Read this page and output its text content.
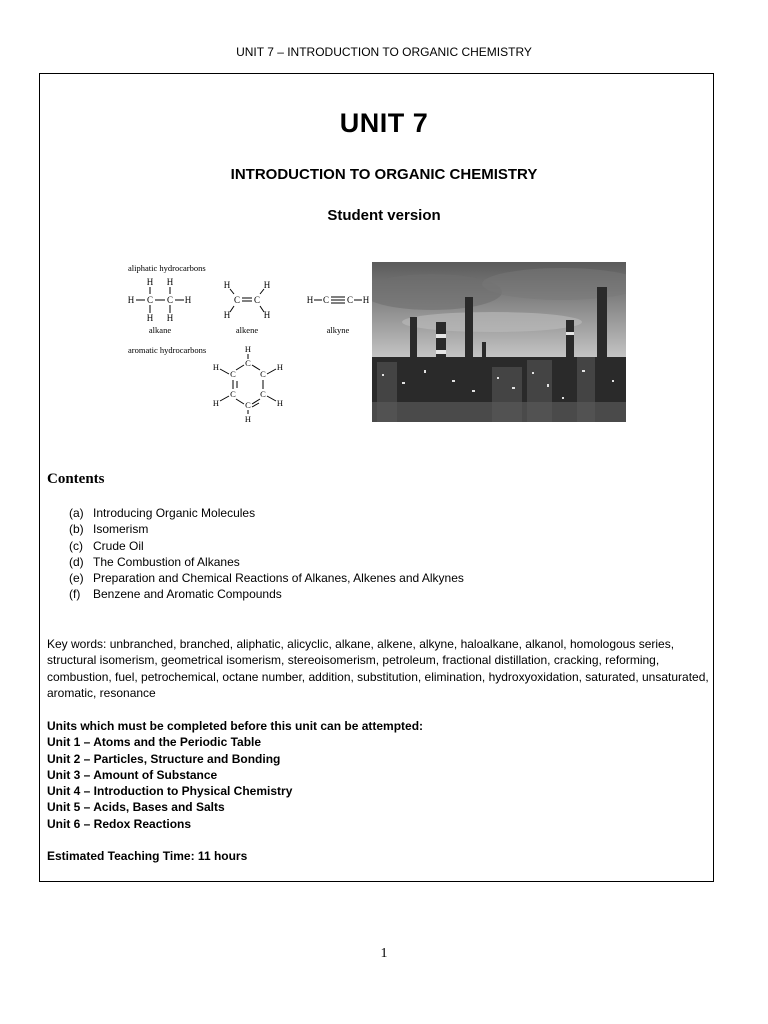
UNIT 7 – INTRODUCTION TO ORGANIC CHEMISTRY
UNIT 7
INTRODUCTION TO ORGANIC CHEMISTRY
Student version
aliphatic hydrocarbons
H H
H C C H
H H
alkane
H	H
C C
H	H
alkene
H C C H
alkyne
aromatic hydrocarbons	H
H	H
H	H
H
C
C	C
C	C
C
Contents
(a) Introducing Organic Molecules
(b) Isomerism
(c) Crude Oil
(d) The Combustion of Alkanes
(e) Preparation and Chemical Reactions of Alkanes, Alkenes and Alkynes
(f) Benzene and Aromatic Compounds
Key words: unbranched, branched, aliphatic, alicyclic, alkane, alkene, alkyne, haloalkane, alkanol, homologous series, structural isomerism, geometrical isomerism, stereoisomerism, petroleum, fractional distillation, cracking, reforming, combustion, fuel, petrochemical, octane number, addition, substitution, elimination, hydroxyoxidation, saturated, unsaturated, aromatic, resonance
Units which must be completed before this unit can be attempted:
Unit 1 – Atoms and the Periodic Table
Unit 2 – Particles, Structure and Bonding
Unit 3 – Amount of Substance
Unit 4 – Introduction to Physical Chemistry
Unit 5 – Acids, Bases and Salts
Unit 6 – Redox Reactions
Estimated Teaching Time: 11 hours
1
